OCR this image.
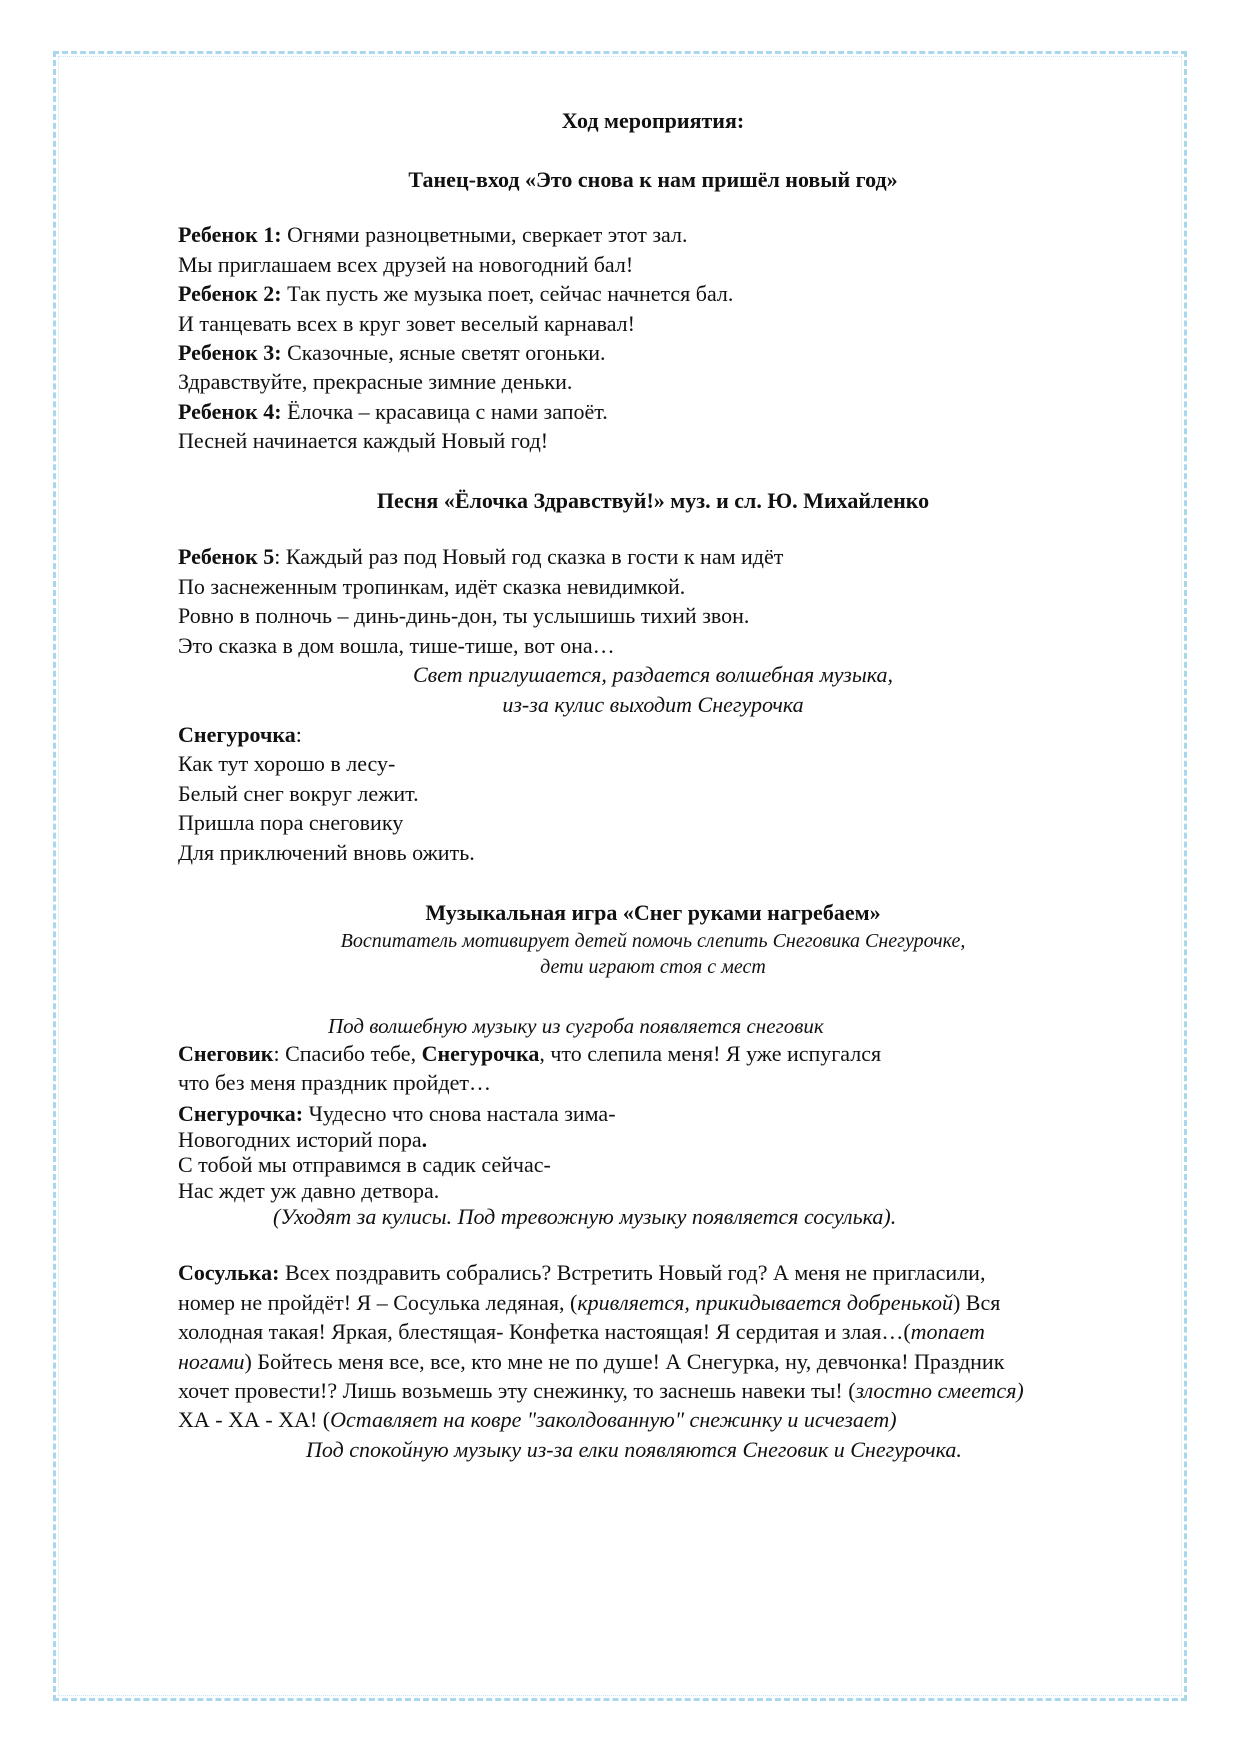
Ход мероприятия:
Танец-вход «Это снова к нам пришёл новый год»
Ребенок 1: Огнями разноцветными, сверкает этот зал.
Мы приглашаем всех друзей на новогодний бал!
Ребенок 2: Так пусть же музыка поет, сейчас начнется бал.
И танцевать всех в круг зовет веселый карнавал!
Ребенок 3: Сказочные, ясные светят огоньки.
Здравствуйте, прекрасные зимние деньки.
Ребенок 4: Ёлочка – красавица с нами запоёт.
Песней начинается каждый Новый год!
Песня «Ёлочка Здравствуй!» муз. и сл. Ю. Михайленко
Ребенок 5: Каждый раз под Новый год сказка в гости к нам идёт
По заснеженным тропинкам, идёт сказка невидимкой.
Ровно в полночь – динь-динь-дон, ты услышишь тихий звон.
Это сказка в дом вошла, тише-тише, вот она…
Свет приглушается, раздается волшебная музыка,
из-за кулис выходит Снегурочка
Снегурочка:
Как тут хорошо в лесу-
Белый снег вокруг лежит.
Пришла пора снеговику
Для приключений вновь ожить.
Музыкальная игра «Снег руками нагребаем»
Воспитатель мотивирует детей помочь слепить Снеговика Снегурочке,
дети играют стоя с мест
Под волшебную музыку из сугроба появляется снеговик
Снеговик: Спасибо тебе, Снегурочка, что слепила меня! Я уже испугался
что без меня праздник пройдет…
Снегурочка: Чудесно что снова настала зима-
Новогодних историй пора.
С тобой мы отправимся в садик сейчас-
Нас ждет уж давно детвора.
(Уходят за кулисы. Под тревожную музыку появляется сосулька).
Сосулька: Всех поздравить собрались? Встретить Новый год? А меня не пригласили,
номер не пройдёт! Я – Сосулька ледяная, (кривляется, прикидывается добренькой) Вся
холодная такая! Яркая, блестящая- Конфетка настоящая! Я сердитая и злая…(топает
ногами) Бойтесь меня все, все, кто мне не по душе! А Снегурка, ну, девчонка! Праздник
хочет провести!? Лишь возьмешь эту снежинку, то заснешь навеки ты! (злостно смеется)
ХА - ХА - ХА! (Оставляет на ковре "заколдованную" снежинку и исчезает)
Под спокойную музыку из-за елки появляются Снеговик и Снегурочка.
